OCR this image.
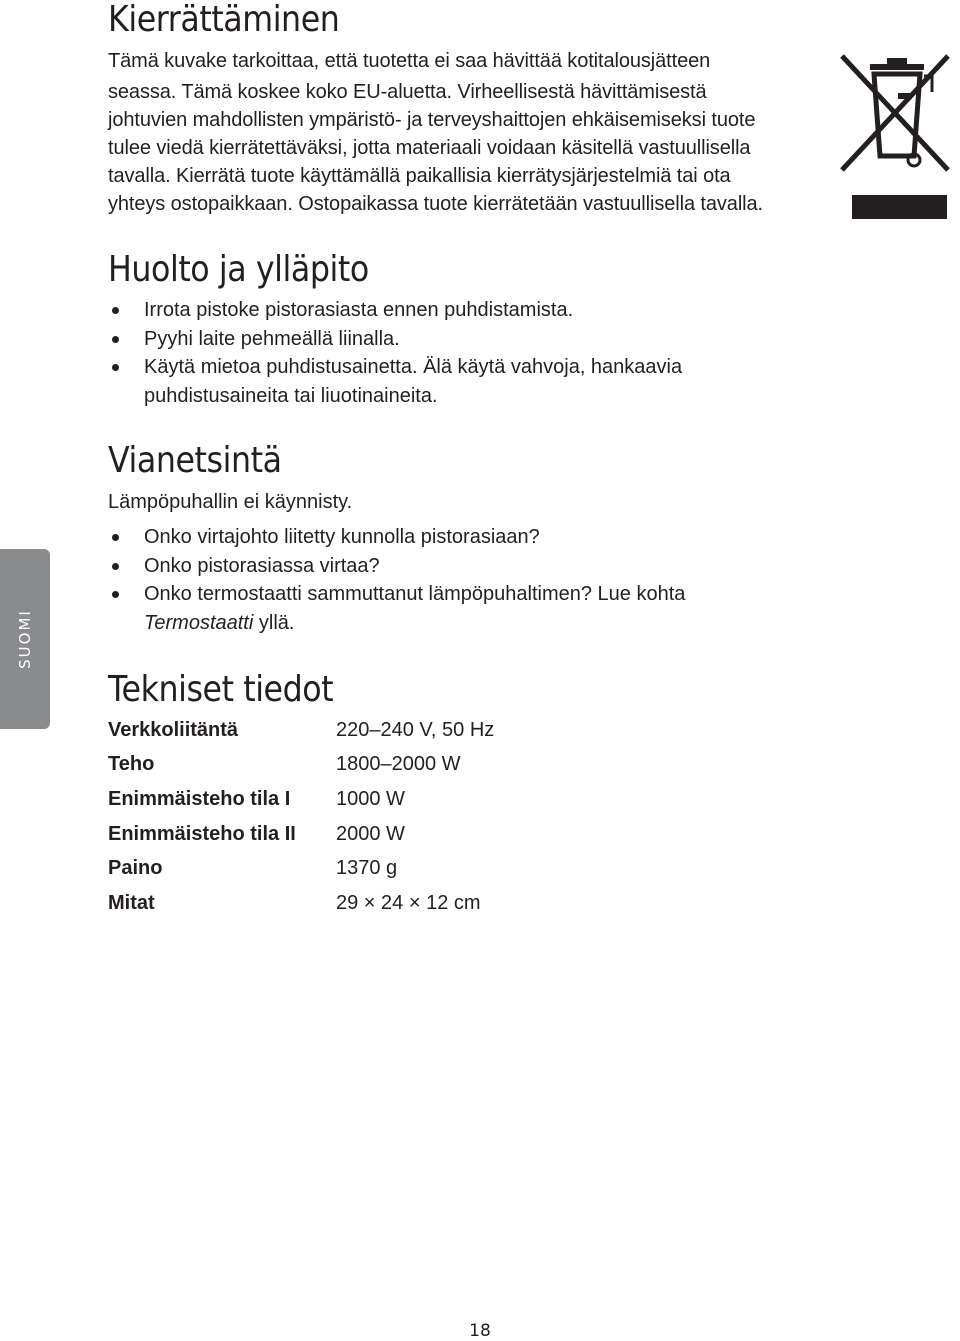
Kierrättäminen
Tämä kuvake tarkoittaa, että tuotetta ei saa hävittää kotitalousjätteen
seassa. Tämä koskee koko EU-aluetta. Virheellisestä hävittämisestä
johtuvien mahdollisten ympäristö- ja terveyshaittojen ehkäisemiseksi tuote
tulee viedä kierrätettäväksi, jotta materiaali voidaan käsitellä vastuullisella
tavalla. Kierrätä tuote käyttämällä paikallisia kierrätysjärjestelmiä tai ota
yhteys ostopaikkaan. Ostopaikassa tuote kierrätetään vastuullisella tavalla.
Huolto ja ylläpito
Irrota pistoke pistorasiasta ennen puhdistamista.
Pyyhi laite pehmeällä liinalla.
Käytä mietoa puhdistusainetta. Älä käytä vahvoja, hankaavia
puhdistusaineita tai liuotinaineita.
Vianetsintä

Lämpöpuhallin ei käynnisty.

Onko virtajohto liitetty kunnolla pistorasiaan?
Onko pistorasiassa virtaa?
Onko termostaatti sammuttanut lämpöpuhaltimen? Lue kohta
Termostaatti yllä.
SUOMI
Tekniset tiedot
Verkkoliitäntä	220–240 V, 50 Hz
Teho	1800–2000 W
Enimmäisteho tila I	1000 W
Enimmäisteho tila II	2000 W
Paino	1370 g
Mitat	29 × 24 × 12 cm
18
